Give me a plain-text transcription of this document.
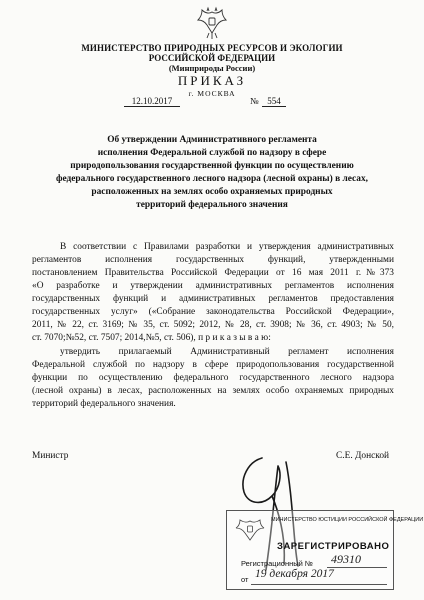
МИНИСТЕРСТВО ПРИРОДНЫХ РЕСУРСОВ И ЭКОЛОГИИ
РОССИЙСКОЙ ФЕДЕРАЦИИ
(Минприроды России)
ПРИКАЗ
г. МОСКВА
12.10.2017	№ 554
Об утверждении Административного регламента
исполнения Федеральной службой по надзору в сфере
природопользования государственной функции по осуществлению
федерального государственного лесного надзора (лесной охраны) в лесах,
расположенных на землях особо охраняемых природных
территорий федерального значения
В соответствии с Правилами разработки и утверждения административных
регламентов исполнения государственных функций, утвержденными
постановлением Правительства Российской Федерации от 16 мая 2011 г.№373
«О разработке и утверждении административных регламентов исполнения
государственных функций и административных регламентов предоставления
государственных услуг» («Собрание законодательства Российской Федерации»,
2011, № 22, ст. 3169; № 35, ст. 5092; 2012, № 28, ст. 3908; № 36, ст. 4903; № 50,
ст. 7070;№52, ст. 7507; 2014,№5, ст. 506), п р и к а з ы в а ю:
утвердить прилагаемый Административный регламент исполнения
Федеральной службой по надзору в сфере природопользования государственной
функции по осуществлению федерального государственного лесного надзора
(лесной охраны) в лесах, расположенных на землях особо охраняемых природных
территорий федерального значения.
Министр	С.Е. Донской
МИНИСТЕРСТВО ЮСТИЦИИ РОССИЙСКОЙ ФЕДЕРАЦИИ
ЗАРЕГИСТРИРОВАНО
Регистрационный № 49310
от 19 декабря 2017
